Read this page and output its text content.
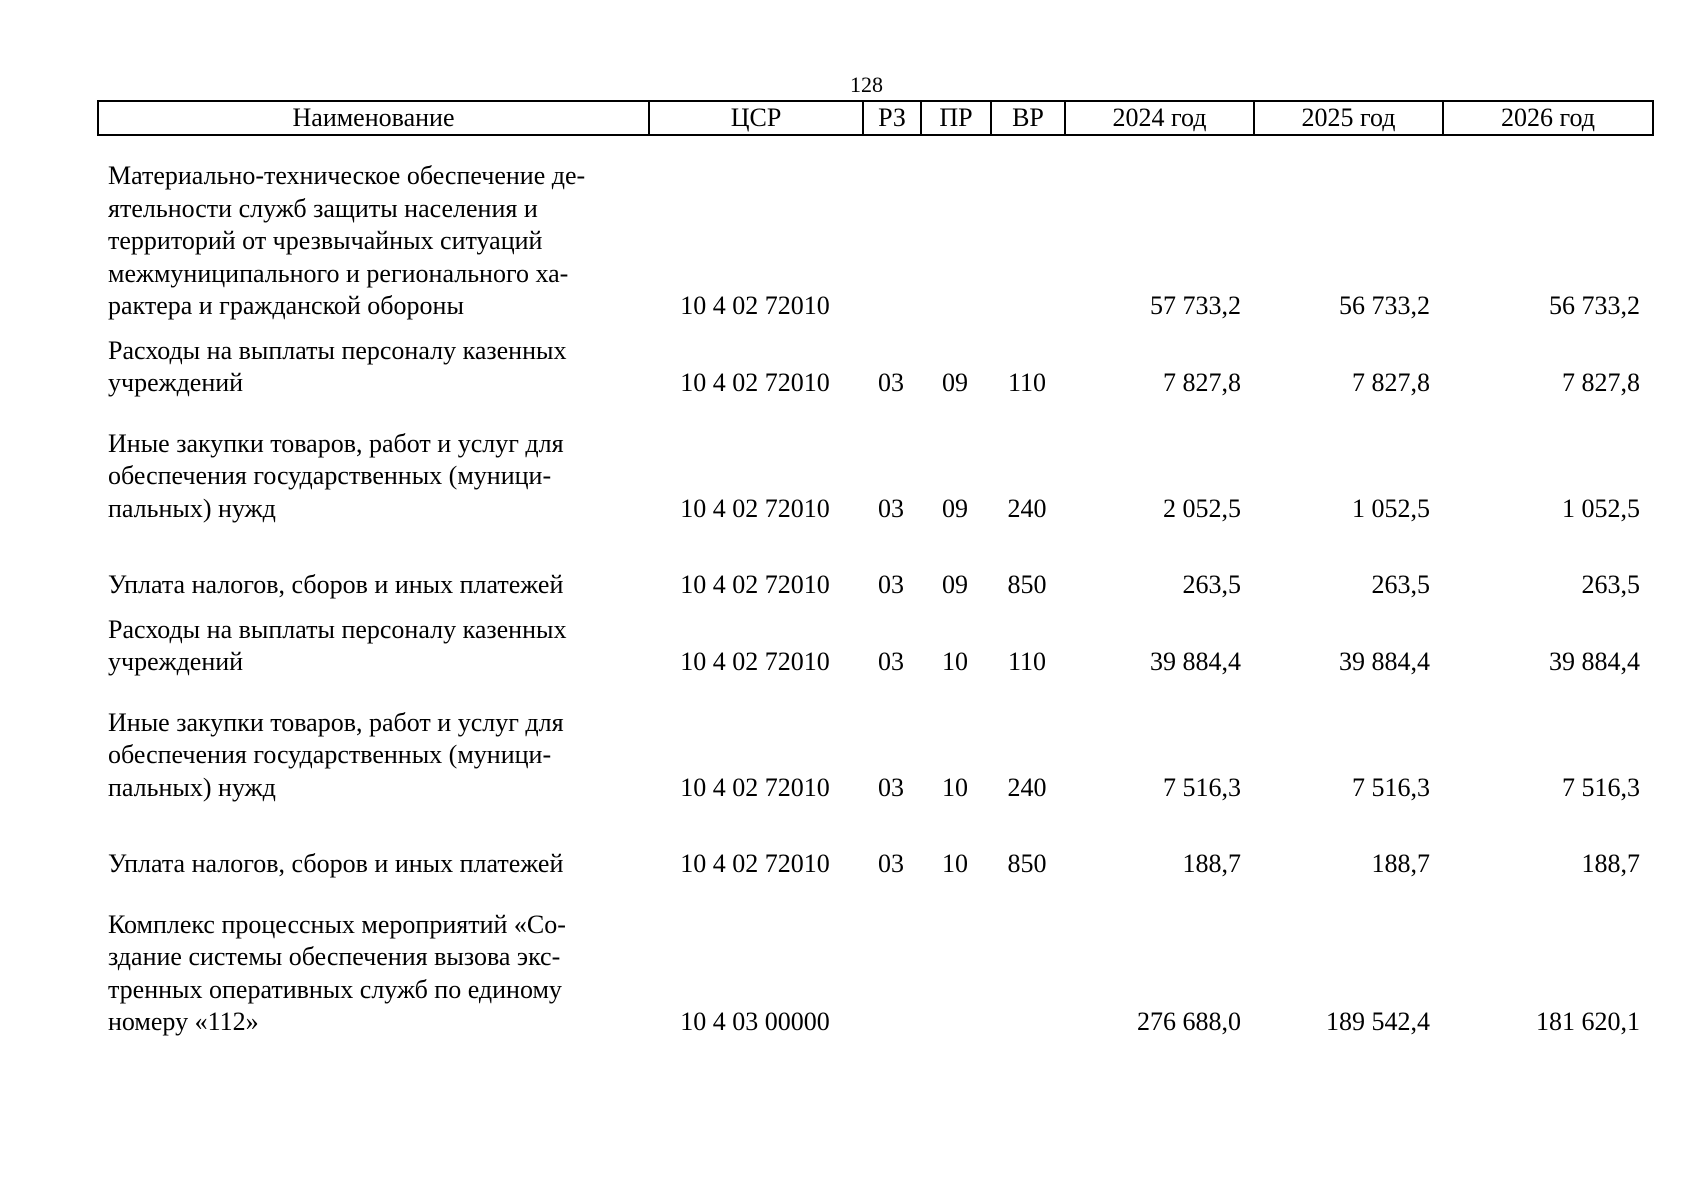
128
Наименование	ЦСР	РЗ	ПР	ВР	2024 год	2025 год	2026 год
Материально-техническое обеспечение де- ятельности служб защиты населения и территорий от чрезвычайных ситуаций межмуниципального и регионального ха- рактера и гражданской обороны	10 4 02 72010				57 733,2	56 733,2	56 733,2

Расходы на выплаты персоналу казенных учреждений	10 4 02 72010	03	09	110	7 827,8	7 827,8	7 827,8

Иные закупки товаров, работ и услуг для обеспечения государственных (муници- пальных) нужд	10 4 02 72010	03	09	240	2 052,5	1 052,5	1 052,5

Уплата налогов, сборов и иных платежей	10 4 02 72010	03	09	850	263,5	263,5	263,5

Расходы на выплаты персоналу казенных учреждений	10 4 02 72010	03	10	110	39 884,4	39 884,4	39 884,4

Иные закупки товаров, работ и услуг для обеспечения государственных (муници- пальных) нужд	10 4 02 72010	03	10	240	7 516,3	7 516,3	7 516,3

Уплата налогов, сборов и иных платежей	10 4 02 72010	03	10	850	188,7	188,7	188,7

Комплекс процессных мероприятий «Со- здание системы обеспечения вызова экс- тренных оперативных служб по единому номеру «112»	10 4 03 00000				276 688,0	189 542,4	181 620,1
